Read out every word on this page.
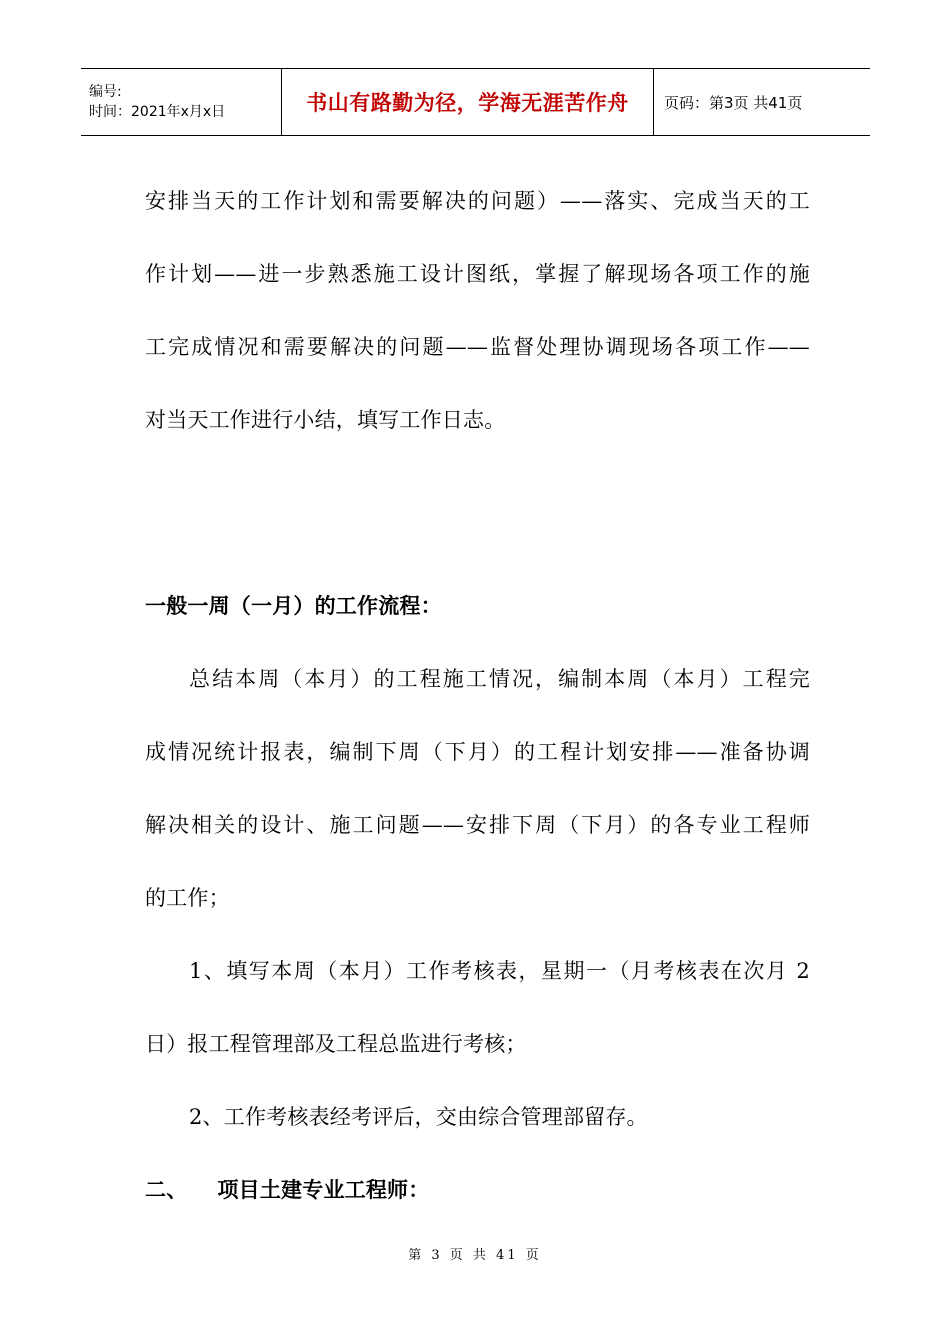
编号:
时间：2021年x月x日	书山有路勤为径，学海无涯苦作舟	页码：第3页 共41页

安排当天的工作计划和需要解决的问题）——落实、完成当天的工

作计划——进一步熟悉施工设计图纸，掌握了解现场各项工作的施

工完成情况和需要解决的问题——监督处理协调现场各项工作——

对当天工作进行小结，填写工作日志。

一般一周（一月）的工作流程：

总结本周（本月）的工程施工情况，编制本周（本月）工程完

成情况统计报表，编制下周（下月）的工程计划安排——准备协调

解决相关的设计、施工问题——安排下周（下月）的各专业工程师

的工作；

1、填写本周（本月）工作考核表，星期一（月考核表在次月 2

日）报工程管理部及工程总监进行考核；

2、工作考核表经考评后，交由综合管理部留存。

二、    项目土建专业工程师：

第 3 页 共 41 页
